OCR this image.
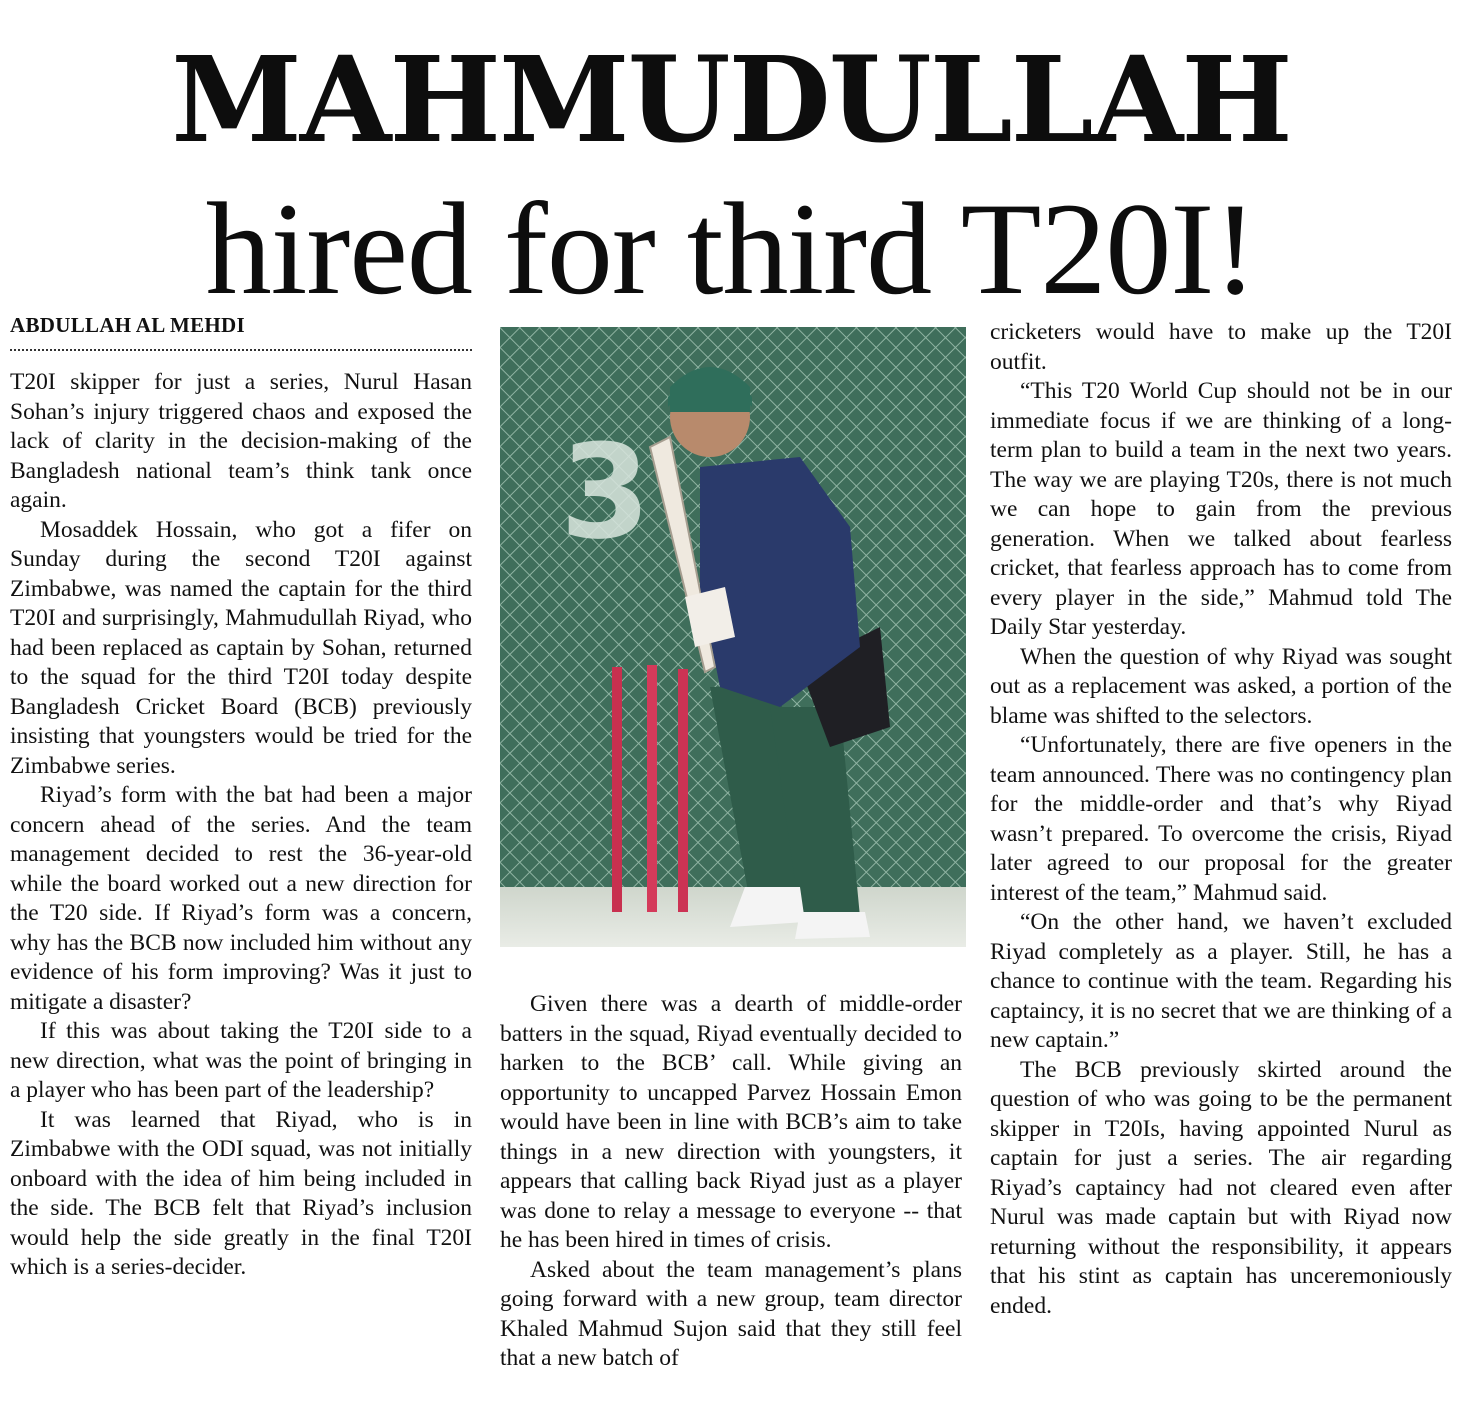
MAHMUDULLAH
hired for third T20I!
ABDULLAH AL MEHDI

T20I skipper for just a series, Nurul Hasan Sohan’s injury triggered chaos and exposed the lack of clarity in the decision-making of the Bangladesh national team’s think tank once again.

Mosaddek Hossain, who got a fifer on Sunday during the second T20I against Zimbabwe, was named the captain for the third T20I and surprisingly, Mahmudullah Riyad, who had been replaced as captain by Sohan, returned to the squad for the third T20I today despite Bangladesh Cricket Board (BCB) previously insisting that youngsters would be tried for the Zimbabwe series.

Riyad’s form with the bat had been a major concern ahead of the series. And the team management decided to rest the 36-year-old while the board worked out a new direction for the T20 side. If Riyad’s form was a concern, why has the BCB now included him without any evidence of his form improving? Was it just to mitigate a disaster?

If this was about taking the T20I side to a new direction, what was the point of bringing in a player who has been part of the leadership?

It was learned that Riyad, who is in Zimbabwe with the ODI squad, was not initially onboard with the idea of him being included in the side. The BCB felt that Riyad’s inclusion would help the side greatly in the final T20I which is a series-decider.

3

Given there was a dearth of middle-order batters in the squad, Riyad eventually decided to harken to the BCB’ call. While giving an opportunity to uncapped Parvez Hossain Emon would have been in line with BCB’s aim to take things in a new direction with youngsters, it appears that calling back Riyad just as a player was done to relay a message to everyone -- that he has been hired in times of crisis.

Asked about the team management’s plans going forward with a new group, team director Khaled Mahmud Sujon said that they still feel that a new batch of

cricketers would have to make up the T20I outfit.

“This T20 World Cup should not be in our immediate focus if we are thinking of a long-term plan to build a team in the next two years. The way we are playing T20s, there is not much we can hope to gain from the previous generation. When we talked about fearless cricket, that fearless approach has to come from every player in the side,” Mahmud told The Daily Star yesterday.

When the question of why Riyad was sought out as a replacement was asked, a portion of the blame was shifted to the selectors.

“Unfortunately, there are five openers in the team announced. There was no contingency plan for the middle-order and that’s why Riyad wasn’t prepared. To overcome the crisis, Riyad later agreed to our proposal for the greater interest of the team,” Mahmud said.

“On the other hand, we haven’t excluded Riyad completely as a player. Still, he has a chance to continue with the team. Regarding his captaincy, it is no secret that we are thinking of a new captain.”

The BCB previously skirted around the question of who was going to be the permanent skipper in T20Is, having appointed Nurul as captain for just a series. The air regarding Riyad’s captaincy had not cleared even after Nurul was made captain but with Riyad now returning without the responsibility, it appears that his stint as captain has unceremoniously ended.
